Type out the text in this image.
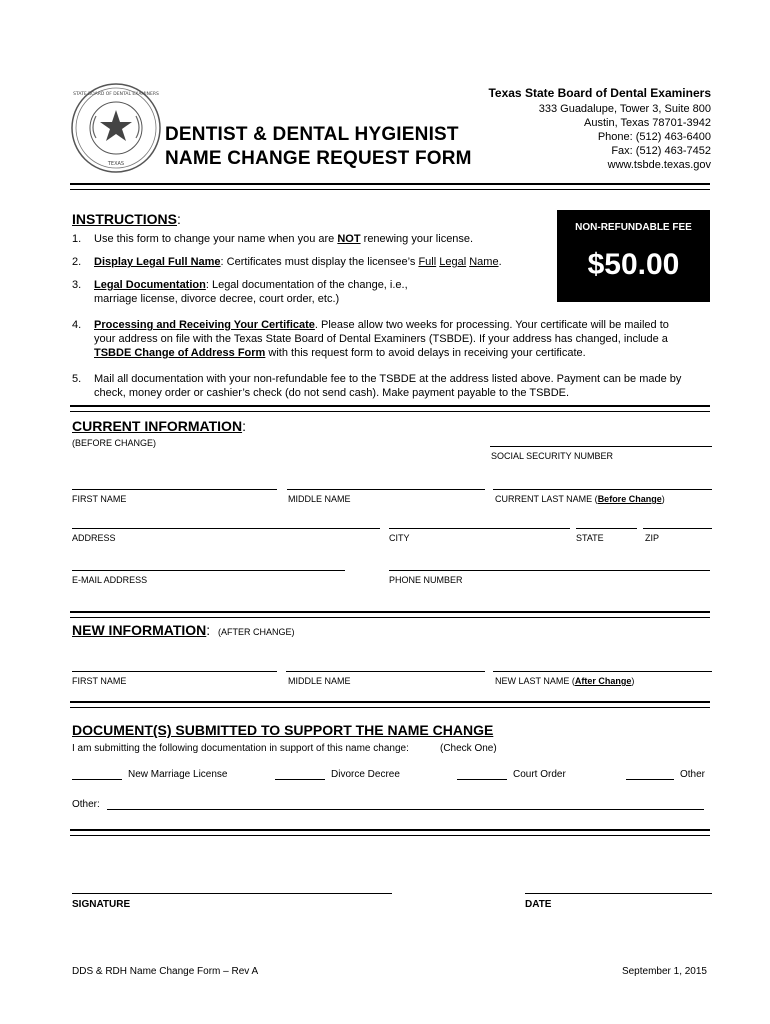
TEXAS
STATE BOARD OF DENTAL EXAMINERS
DENTIST & DENTAL HYGIENIST
NAME CHANGE REQUEST FORM
Texas State Board of Dental Examiners
333 Guadalupe, Tower 3, Suite 800
Austin, Texas 78701-3942
Phone: (512) 463-6400
Fax: (512) 463-7452
www.tsbde.texas.gov
INSTRUCTIONS:
NON-REFUNDABLE FEE
$50.00
1. Use this form to change your name when you are NOT renewing your license.
2. Display Legal Full Name: Certificates must display the licensee’s Full Legal Name.
3. Legal Documentation: Legal documentation of the change, i.e.,
marriage license, divorce decree, court order, etc.)
4. Processing and Receiving Your Certificate. Please allow two weeks for processing. Your certificate will be mailed to
your address on file with the Texas State Board of Dental Examiners (TSBDE). If your address has changed, include a
TSBDE Change of Address Form with this request form to avoid delays in receiving your certificate.
5. Mail all documentation with your non-refundable fee to the TSBDE at the address listed above. Payment can be made by
check, money order or cashier’s check (do not send cash). Make payment payable to the TSBDE.
CURRENT INFORMATION:
(BEFORE CHANGE)
SOCIAL SECURITY NUMBER
FIRST NAME	MIDDLE NAME	CURRENT LAST NAME (Before Change)
ADDRESS	CITY	STATE	ZIP
E-MAIL ADDRESS	PHONE NUMBER
NEW INFORMATION: (AFTER CHANGE)
FIRST NAME	MIDDLE NAME	NEW LAST NAME (After Change)
DOCUMENT(S) SUBMITTED TO SUPPORT THE NAME CHANGE
I am submitting the following documentation in support of this name change:	(Check One)
New Marriage License	Divorce Decree	Court Order	Other
Other:
SIGNATURE	DATE
DDS & RDH Name Change Form – Rev A	September 1, 2015
